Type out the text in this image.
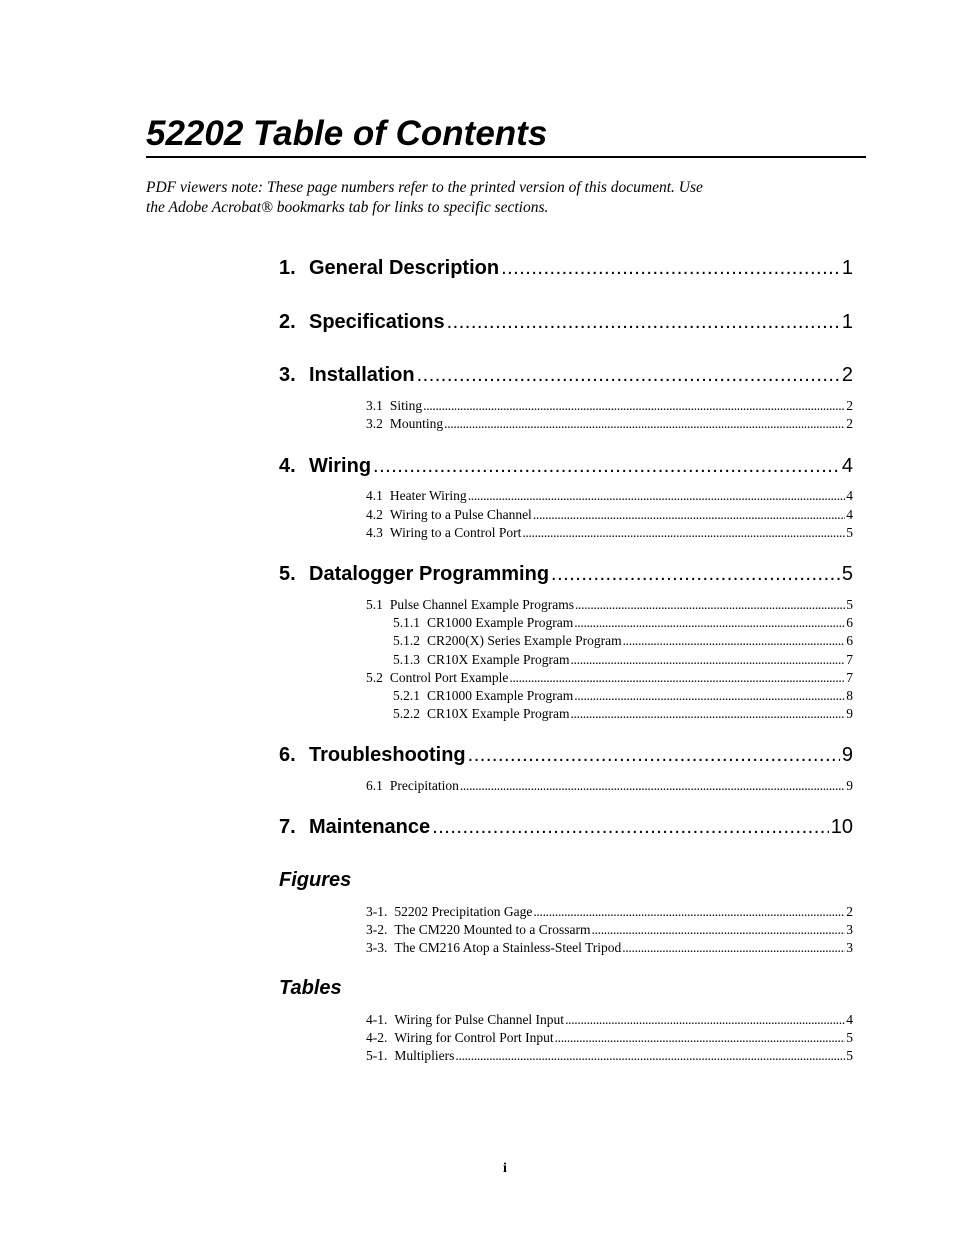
52202 Table of Contents
PDF viewers note: These page numbers refer to the printed version of this document. Use
the Adobe Acrobat® bookmarks tab for links to specific sections.
1. General Description .....	1
2. Specifications .....	1
3. Installation .....	2
3.1 Siting .....	2
3.2 Mounting .....	2
4. Wiring .....	4
4.1 Heater Wiring .....	4
4.2 Wiring to a Pulse Channel .....	4
4.3 Wiring to a Control Port .....	5
5. Datalogger Programming .....	5
5.1 Pulse Channel Example Programs .....	5
5.1.1 CR1000 Example Program .....	6
5.1.2 CR200(X) Series Example Program .....	6
5.1.3 CR10X Example Program .....	7
5.2 Control Port Example .....	7
5.2.1 CR1000 Example Program .....	8
5.2.2 CR10X Example Program .....	9
6. Troubleshooting .....	9
6.1 Precipitation .....	9
7. Maintenance .....	10
Figures
3-1. 52202 Precipitation Gage .....	2
3-2. The CM220 Mounted to a Crossarm .....	3
3-3. The CM216 Atop a Stainless-Steel Tripod .....	3
Tables
4-1. Wiring for Pulse Channel Input .....	4
4-2. Wiring for Control Port Input .....	5
5-1. Multipliers .....	5
i
